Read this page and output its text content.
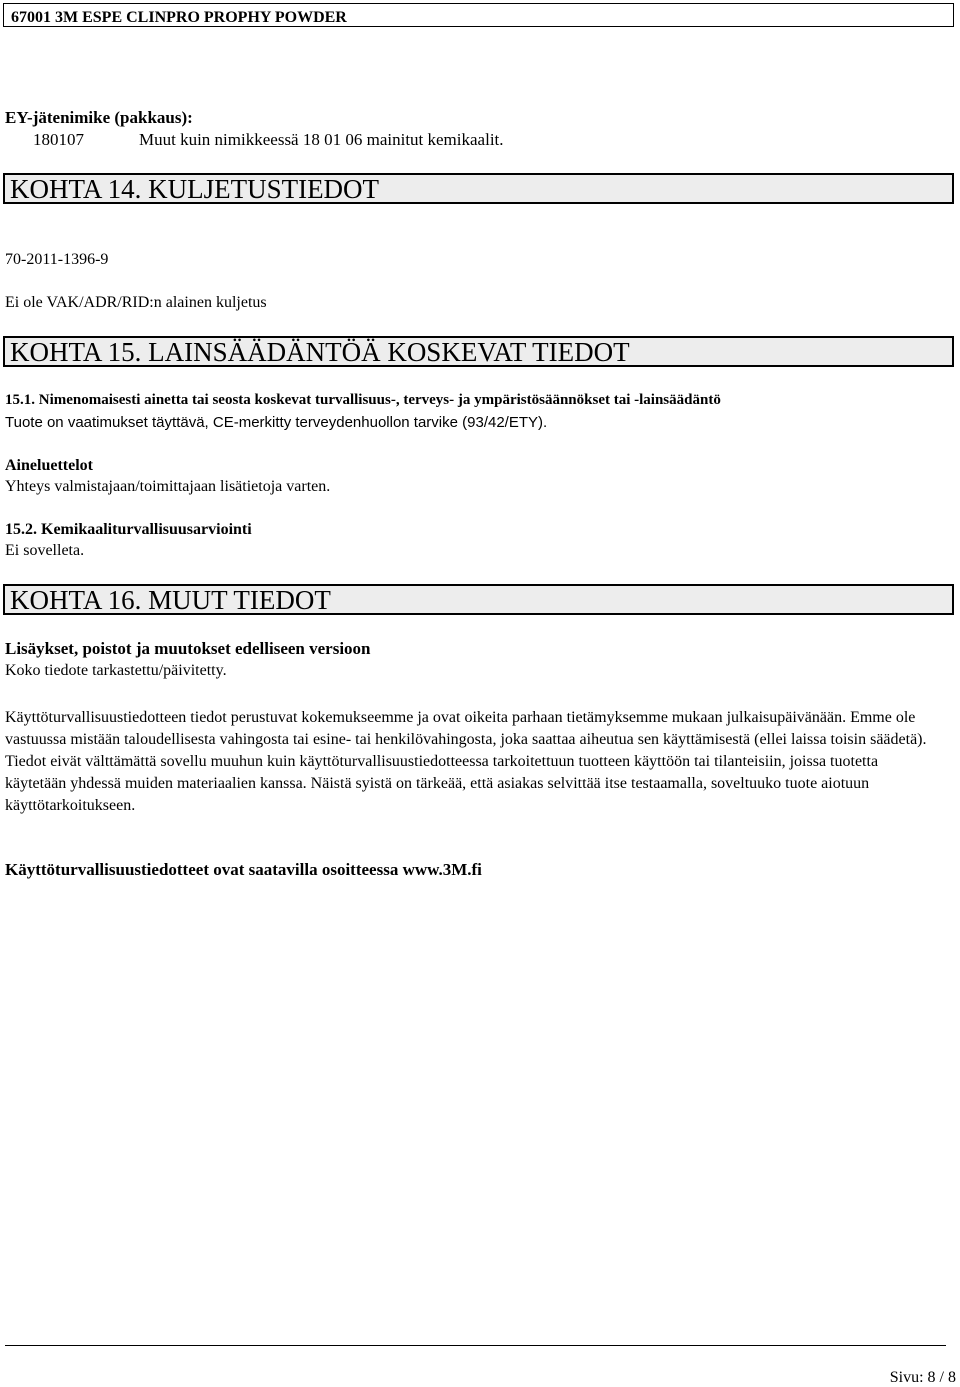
67001 3M ESPE CLINPRO PROPHY POWDER
EY-jätenimike (pakkaus):
180107	Muut kuin nimikkeessä 18 01 06 mainitut kemikaalit.
KOHTA 14. KULJETUSTIEDOT
70-2011-1396-9
Ei ole VAK/ADR/RID:n alainen kuljetus
KOHTA 15. LAINSÄÄDÄNTÖÄ KOSKEVAT TIEDOT
15.1. Nimenomaisesti ainetta tai seosta koskevat turvallisuus-, terveys- ja ympäristösäännökset tai -lainsäädäntö
Tuote on vaatimukset täyttävä, CE-merkitty terveydenhuollon tarvike (93/42/ETY).
Aineluettelot
Yhteys valmistajaan/toimittajaan lisätietoja varten.
15.2. Kemikaaliturvallisuusarviointi
Ei sovelleta.
KOHTA 16. MUUT TIEDOT
Lisäykset, poistot ja muutokset edelliseen versioon
Koko tiedote tarkastettu/päivitetty.

Käyttöturvallisuustiedotteen tiedot perustuvat kokemukseemme ja ovat oikeita parhaan tietämyksemme mukaan julkaisupäivänään. Emme ole vastuussa mistään taloudellisesta vahingosta tai esine- tai henkilövahingosta, joka saattaa aiheutua sen käyttämisestä (ellei laissa toisin säädetä). Tiedot eivät välttämättä sovellu muuhun kuin käyttöturvallisuustiedotteessa tarkoitettuun tuotteen käyttöön tai tilanteisiin, joissa tuotetta käytetään yhdessä muiden materiaalien kanssa. Näistä syistä on tärkeää, että asiakas selvittää itse testaamalla, soveltuuko tuote aiotuun käyttötarkoitukseen.

Käyttöturvallisuustiedotteet ovat saatavilla osoitteessa www.3M.fi
Sivu: 8 / 8
